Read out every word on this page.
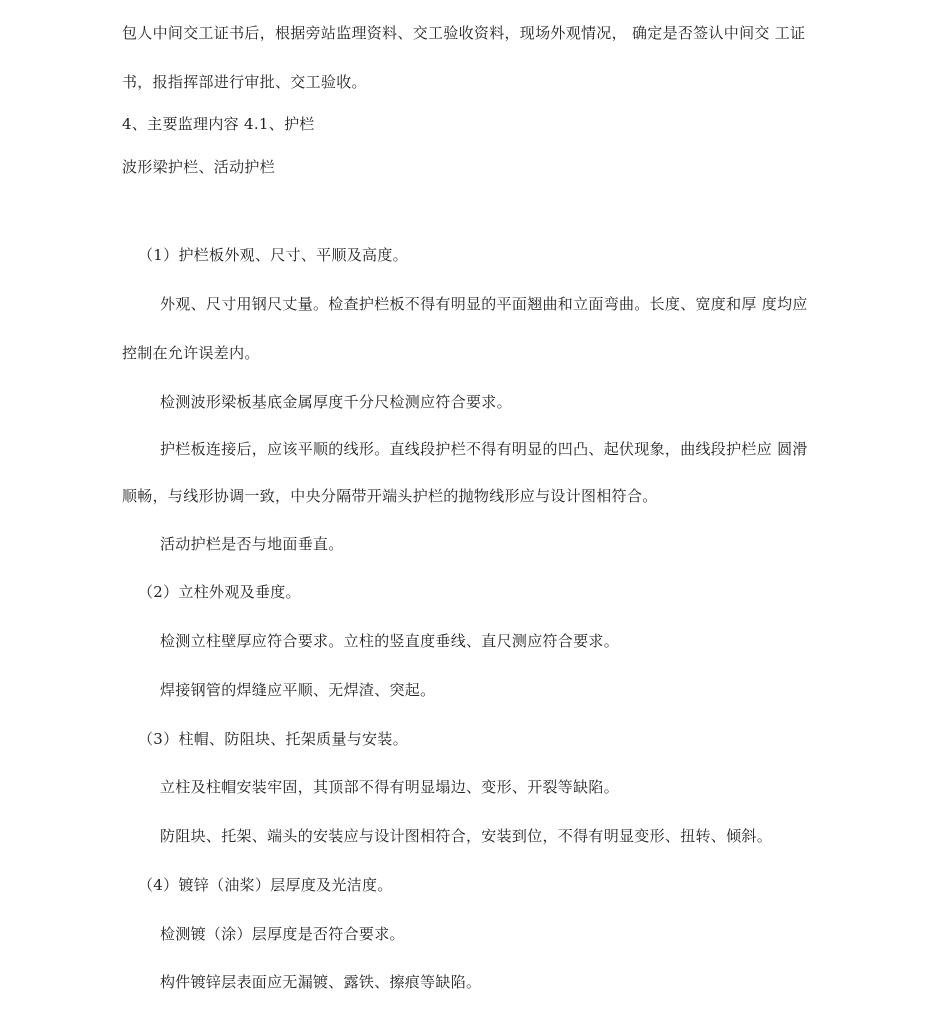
包人中间交工证书后，根据旁站监理资料、交工验收资料，现场外观情况， 确定是否签认中间交 工证

书，报指挥部进行审批、交工验收。

4、主要监理内容 4.1、护栏

波形梁护栏、活动护栏

（1）护栏板外观、尺寸、平顺及高度。

外观、尺寸用钢尺丈量。检查护栏板不得有明显的平面翘曲和立面弯曲。长度、宽度和厚 度均应

控制在允许误差内。

检测波形梁板基底金属厚度千分尺检测应符合要求。

护栏板连接后，应该平顺的线形。直线段护栏不得有明显的凹凸、起伏现象，曲线段护栏应 圆滑

顺畅，与线形协调一致，中央分隔带开端头护栏的抛物线形应与设计图相符合。

活动护栏是否与地面垂直。

（2）立柱外观及垂度。

检测立柱壁厚应符合要求。立柱的竖直度垂线、直尺测应符合要求。

焊接钢管的焊缝应平顺、无焊渣、突起。

（3）柱帽、防阻块、托架质量与安装。

立柱及柱帽安装牢固，其顶部不得有明显塌边、变形、开裂等缺陷。

防阻块、托架、端头的安装应与设计图相符合，安装到位，不得有明显变形、扭转、倾斜。

（4）镀锌（油桨）层厚度及光洁度。

检测镀（涂）层厚度是否符合要求。

构件镀锌层表面应无漏镀、露铁、擦痕等缺陷。
